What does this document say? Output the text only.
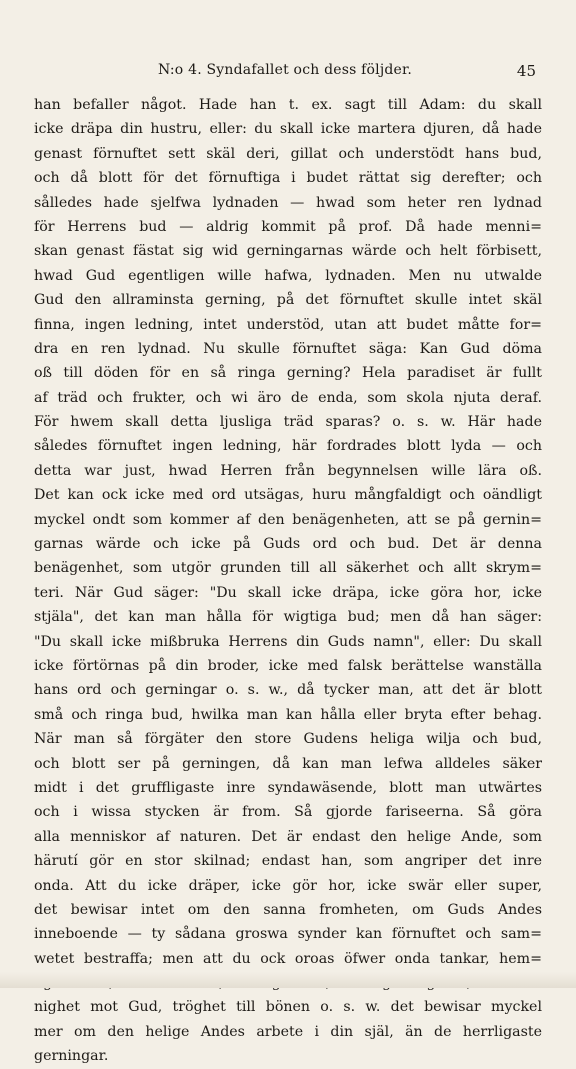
N:o 4. Syndafallet och dess följder.	45
han befaller något. Hade han t. ex. sagt till Adam: du skall
icke dräpa din hustru, eller: du skall icke martera djuren, då hade
genast förnuftet sett skäl deri, gillat och understödt hans bud,
och då blott för det förnuftiga i budet rättat sig derefter; och
sålledes hade sjelfwa lydnaden — hwad som heter ren lydnad
för Herrens bud — aldrig kommit på prof. Då hade menni=
skan genast fästat sig wid gerningarnas wärde och helt förbisett,
hwad Gud egentligen wille hafwa, lydnaden. Men nu utwalde
Gud den allraminsta gerning, på det förnuftet skulle intet skäl
finna, ingen ledning, intet understöd, utan att budet måtte for=
dra en ren lydnad. Nu skulle förnuftet säga: Kan Gud döma
oß till döden för en så ringa gerning? Hela paradiset är fullt
af träd och frukter, och wi äro de enda, som skola njuta deraf.
För hwem skall detta ljusliga träd sparas? o. s. w. Här hade
således förnuftet ingen ledning, här fordrades blott lyda — och
detta war just, hwad Herren från begynnelsen wille lära oß.
Det kan ock icke med ord utsägas, huru mångfaldigt och oändligt
myckel ondt som kommer af den benägenheten, att se på gernin=
garnas wärde och icke på Guds ord och bud. Det är denna
benägenhet, som utgör grunden till all säkerhet och allt skrym=
teri. När Gud säger: "Du skall icke dräpa, icke göra hor, icke
stjäla", det kan man hålla för wigtiga bud; men då han säger:
"Du skall icke mißbruka Herrens din Guds namn", eller: Du skall
icke förtörnas på din broder, icke med falsk berättelse wanställa
hans ord och gerningar o. s. w., då tycker man, att det är blott
små och ringa bud, hwilka man kan hålla eller bryta efter behag.
När man så förgäter den store Gudens heliga wilja och bud,
och blott ser på gerningen, då kan man lefwa alldeles säker
midt i det gruffligaste inre syndawäsende, blott man utwärtes
och i wissa stycken är from. Så gjorde fariseerna. Så göra
alla menniskor af naturen. Det är endast den helige Ande, som
härutí gör en stor skilnad; endast han, som angriper det inre
onda. Att du icke dräper, icke gör hor, icke swär eller super,
det bewisar intet om den sanna fromheten, om Guds Andes
inneboende — ty sådana groswa synder kan förnuftet och sam=
wetet bestraffa; men att du ock oroas öfwer onda tankar, hem=
nighet mot Gud, tröghet till bönen o. s. w. det bewisar myckel
mer om den helige Andes arbete i din själ, än de herrligaste
gerningar.
